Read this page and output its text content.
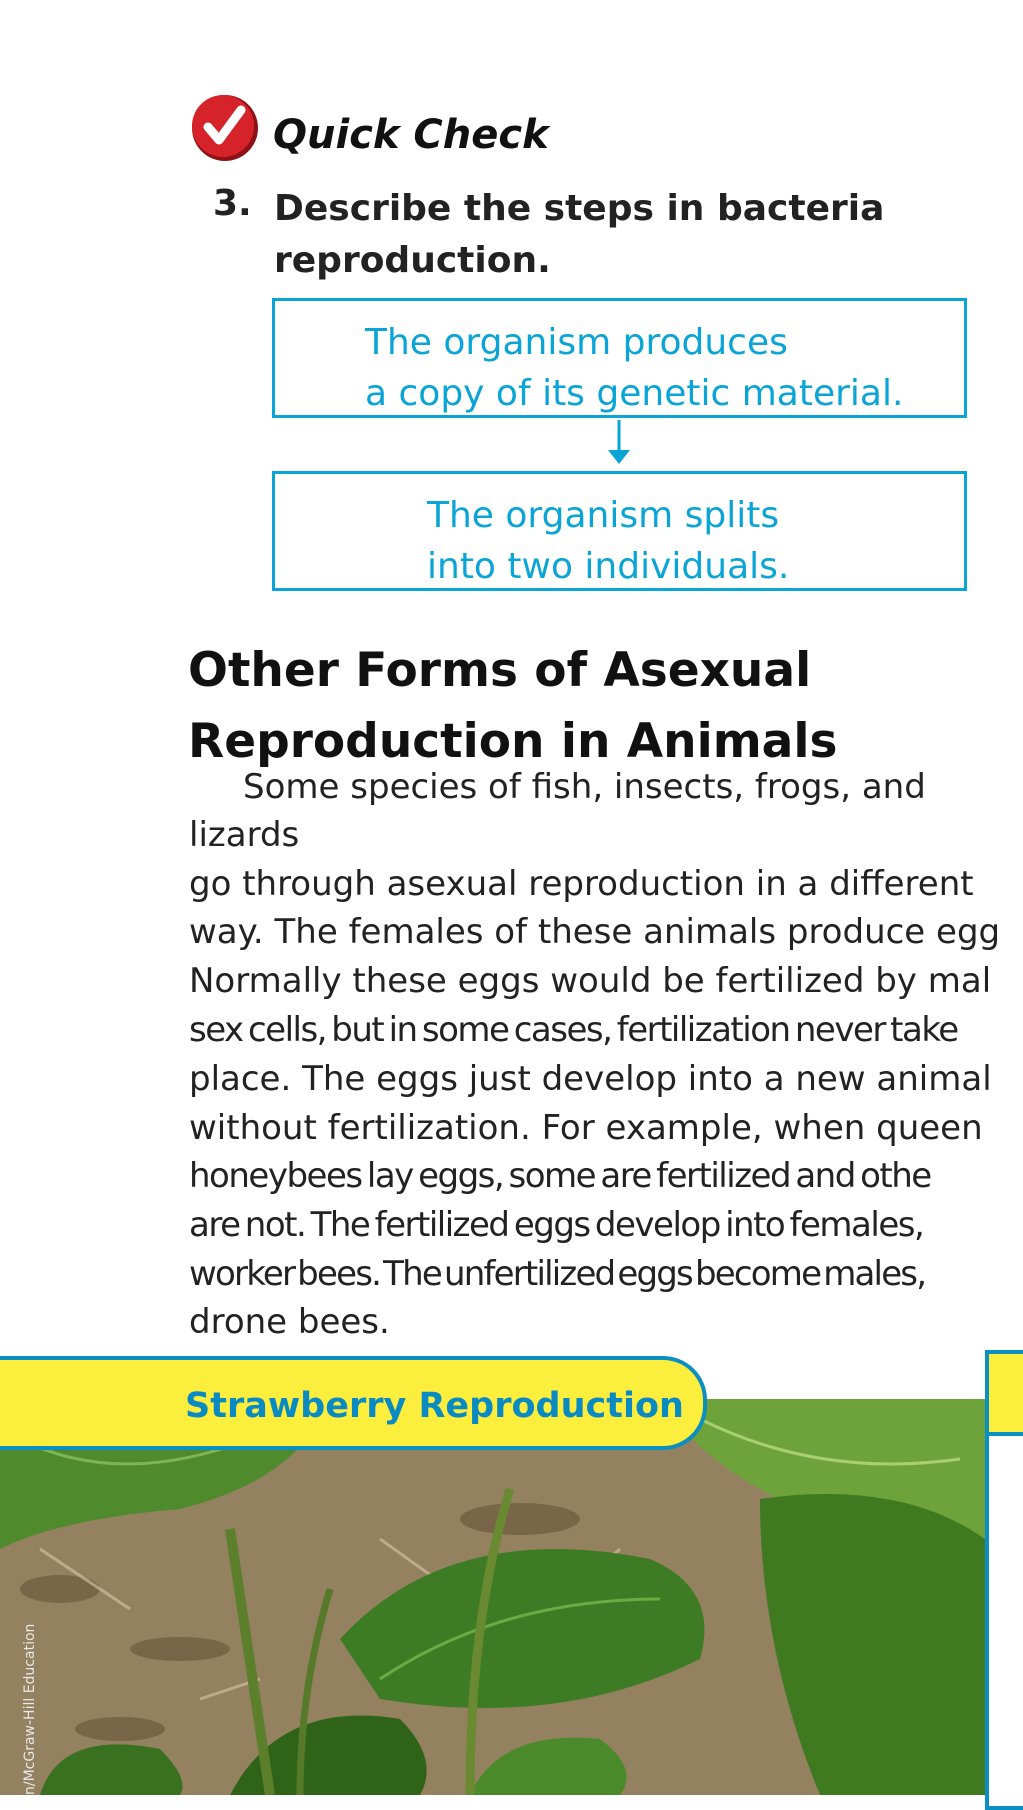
Quick Check
3. Describe the steps in bacteria
reproduction.
The organism produces
a copy of its genetic material.
The organism splits
into two individuals.
Other Forms of Asexual
Reproduction in Animals
Some species of fish, insects, frogs, and
lizards
go through asexual reproduction in a different
way. The females of these animals produce egg
Normally these eggs would be fertilized by mal
sex cells, but in some cases, fertilization never take
place. The eggs just develop into a new animal
without fertilization. For example, when queen
honeybees lay eggs, some are fertilized and othe
are not. The fertilized eggs develop into females,
worker bees. The unfertilized eggs become males,
drone bees.
Strawberry Reproduction
n/McGraw-Hill Education
